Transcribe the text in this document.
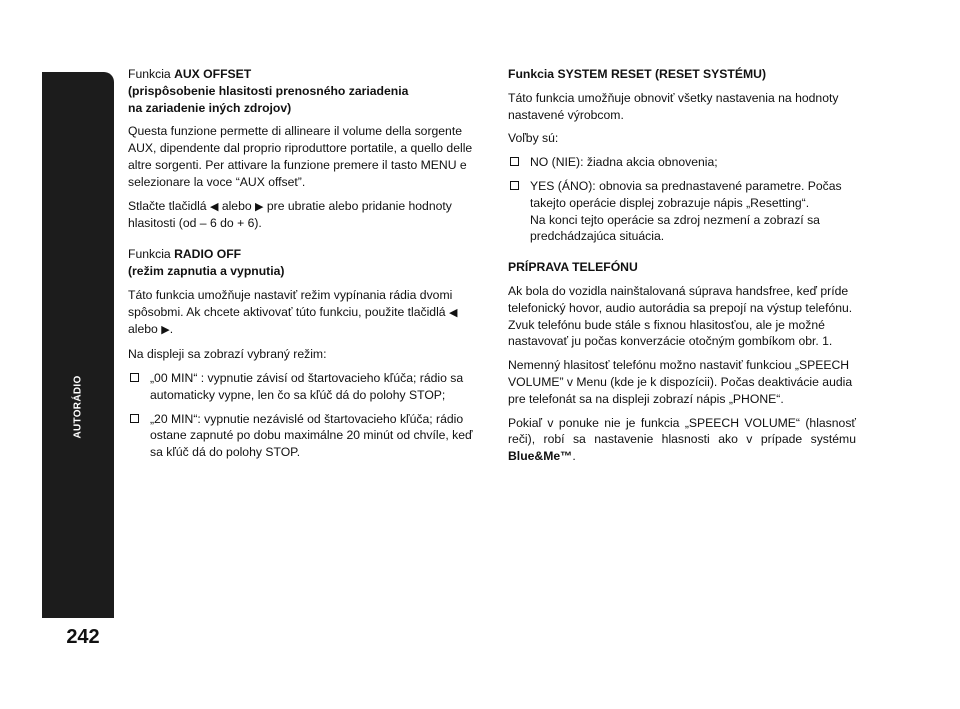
AUTORÁDIO
242
Funkcia AUX OFFSET
(prispôsobenie hlasitosti prenosného zariadenia
na zariadenie iných zdrojov)

Questa funzione permette di allineare il volume della sorgente AUX, dipendente dal proprio riproduttore portatile, a quello delle altre sorgenti. Per attivare la funzione premere il tasto MENU e selezionare la voce “AUX offset”.

Stlačte tlačidlá ◀ alebo ▶ pre ubratie alebo pridanie hodnoty hlasitosti (od – 6 do + 6).

Funkcia RADIO OFF
(režim zapnutia a vypnutia)

Táto funkcia umožňuje nastaviť režim vypínania rádia dvomi spôsobmi. Ak chcete aktivovať túto funkciu, použite tlačidlá ◀ alebo ▶.

Na displeji sa zobrazí vybraný režim:

„00 MIN“ : vypnutie závisí od štartovacieho kľúča; rádio sa automaticky vypne, len čo sa kľúč dá do polohy STOP;
„20 MIN“: vypnutie nezávislé od štartovacieho kľúča; rádio ostane zapnuté po dobu maximálne 20 minút od chvíle, keď sa kľúč dá do polohy STOP.
Funkcia SYSTEM RESET (RESET SYSTÉMU)

Táto funkcia umožňuje obnoviť všetky nastavenia na hodnoty nastavené výrobcom.

Voľby sú:

NO (NIE): žiadna akcia obnovenia;
YES (ÁNO): obnovia sa prednastavené parametre. Počas takejto operácie displej zobrazuje nápis „Resetting“.
Na konci tejto operácie sa zdroj nezmení a zobrazí sa predchádzajúca situácia.
PRÍPRAVA TELEFÓNU

Ak bola do vozidla nainštalovaná súprava handsfree, keď príde telefonický hovor, audio autorádia sa prepojí na výstup telefónu. Zvuk telefónu bude stále s fixnou hlasitosťou, ale je možné nastavovať ju počas konverzácie otočným gombíkom obr. 1.

Nemenný hlasitosť telefónu možno nastaviť funkciou „SPEECH VOLUME” v Menu (kde je k dispozícii). Počas deaktivácie audia pre telefonát sa na displeji zobrazí nápis „PHONE“.

Pokiaľ v ponuke nie je funkcia „SPEECH VOLUME“ (hlasnosť reči), robí sa nastavenie hlasnosti ako v prípade systému Blue&Me™.
